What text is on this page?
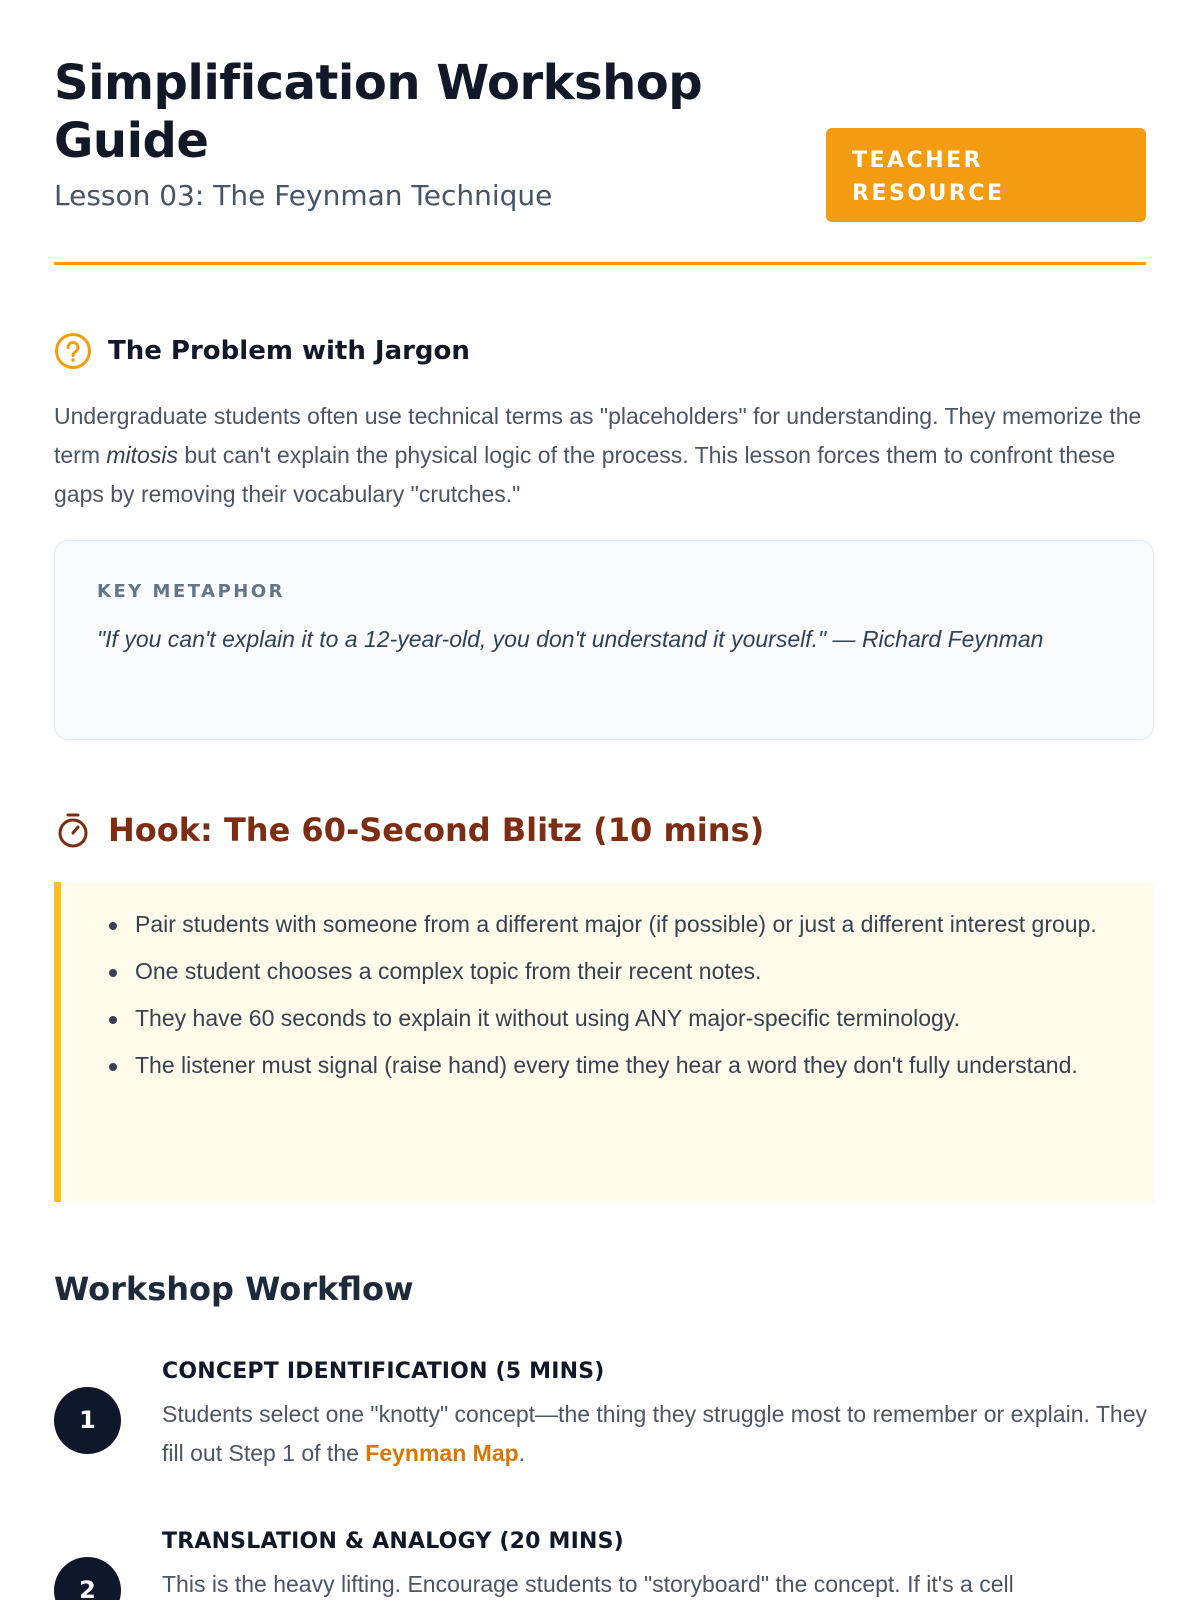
Simplification Workshop Guide
Lesson 03: The Feynman Technique
TEACHER
RESOURCE
The Problem with Jargon

Undergraduate students often use technical terms as "placeholders" for understanding. They memorize the term mitosis but can't explain the physical logic of the process. This lesson forces them to confront these gaps by removing their vocabulary "crutches."

KEY METAPHOR
"If you can't explain it to a 12-year-old, you don't understand it yourself." — Richard Feynman
Hook: The 60-Second Blitz (10 mins)
Pair students with someone from a different major (if possible) or just a different interest group.
One student chooses a complex topic from their recent notes.
They have 60 seconds to explain it without using ANY major-specific terminology.
The listener must signal (raise hand) every time they hear a word they don't fully understand.
Workshop Workflow
1
CONCEPT IDENTIFICATION (5 MINS)

Students select one "knotty" concept—the thing they struggle most to remember or explain. They fill out Step 1 of the Feynman Map.

2
TRANSLATION & ANALOGY (20 MINS)

This is the heavy lifting. Encourage students to "storyboard" the concept. If it's a cell
